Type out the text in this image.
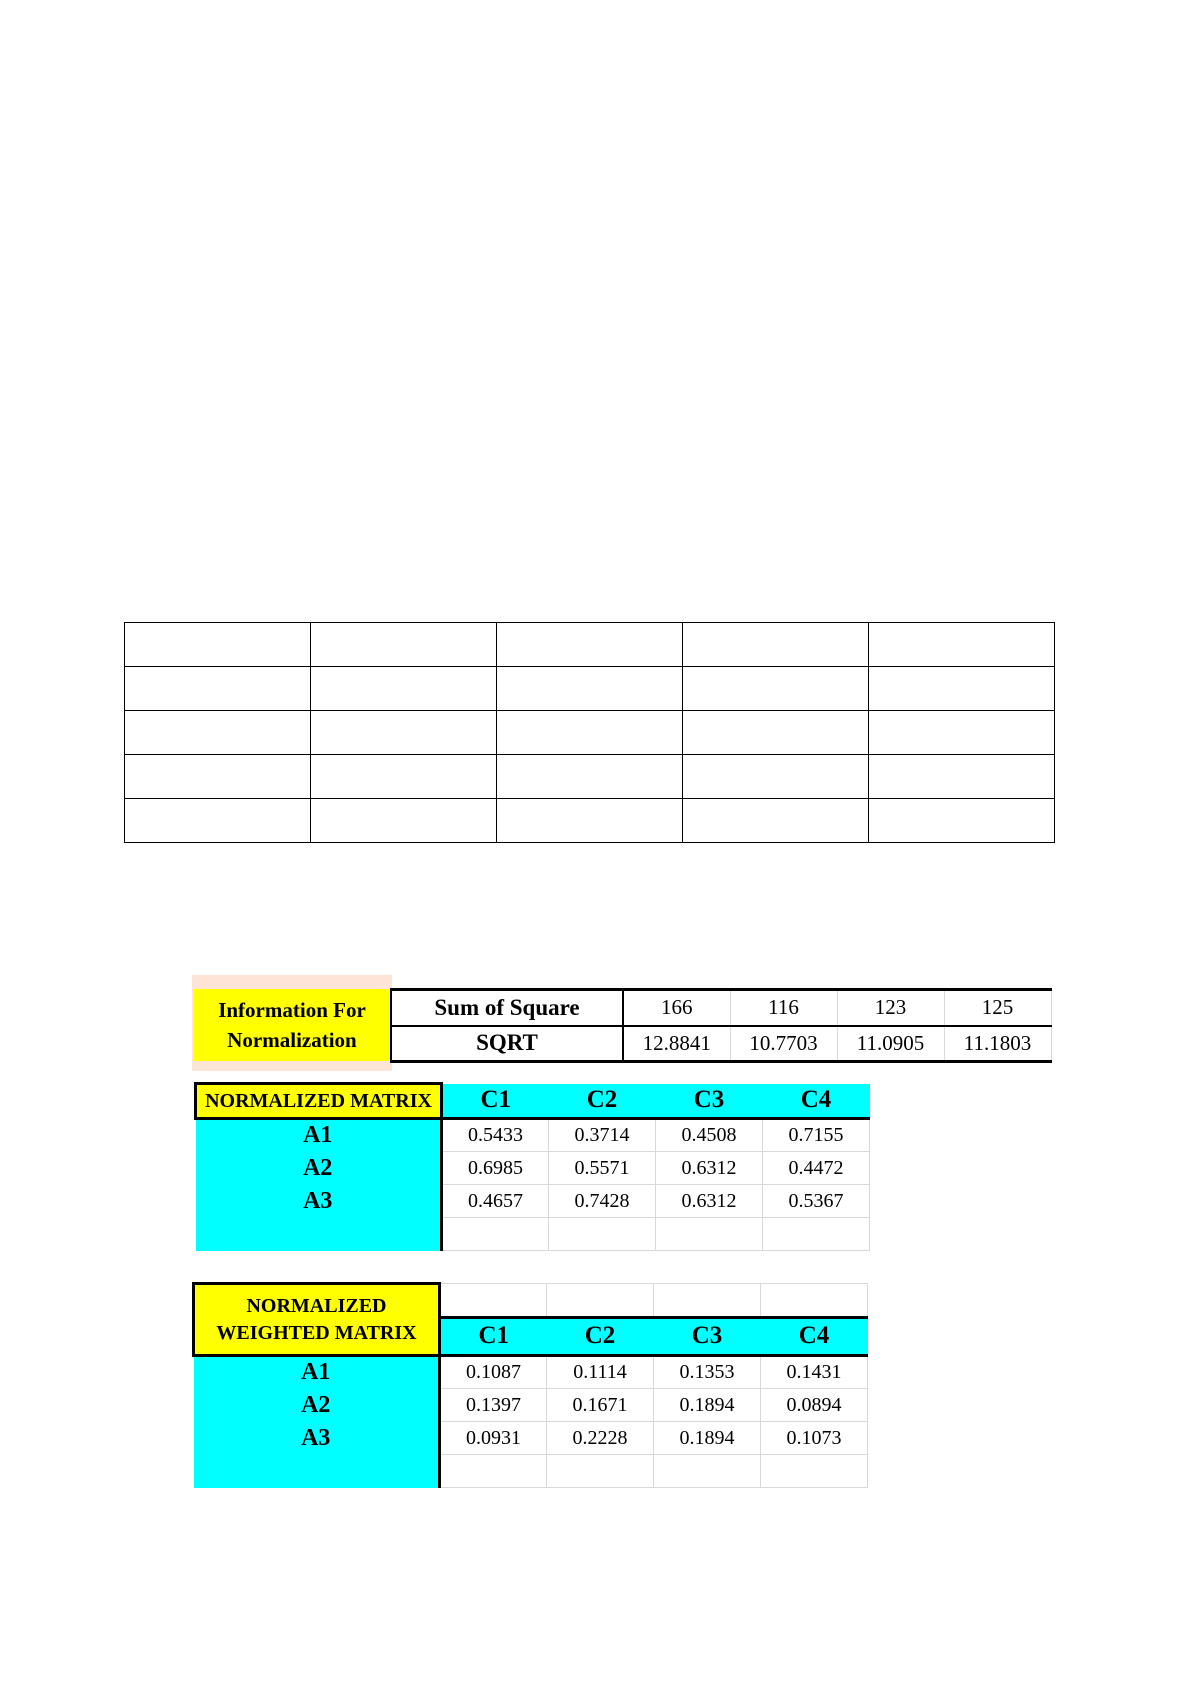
Information For
Normalization
Sum of Square	166	116	123	125
SQRT	12.8841	10.7703	11.0905	11.1803
NORMALIZED MATRIX	C1	C2	C3	C4
A1	0.5433	0.3714	0.4508	0.7155
A2	0.6985	0.5571	0.6312	0.4472
A3	0.4657	0.7428	0.6312	0.5367

NORMALIZED
WEIGHTED MATRIX				

	C1	C2	C3	C4
A1	0.1087	0.1114	0.1353	0.1431
A2	0.1397	0.1671	0.1894	0.0894
A3	0.0931	0.2228	0.1894	0.1073
